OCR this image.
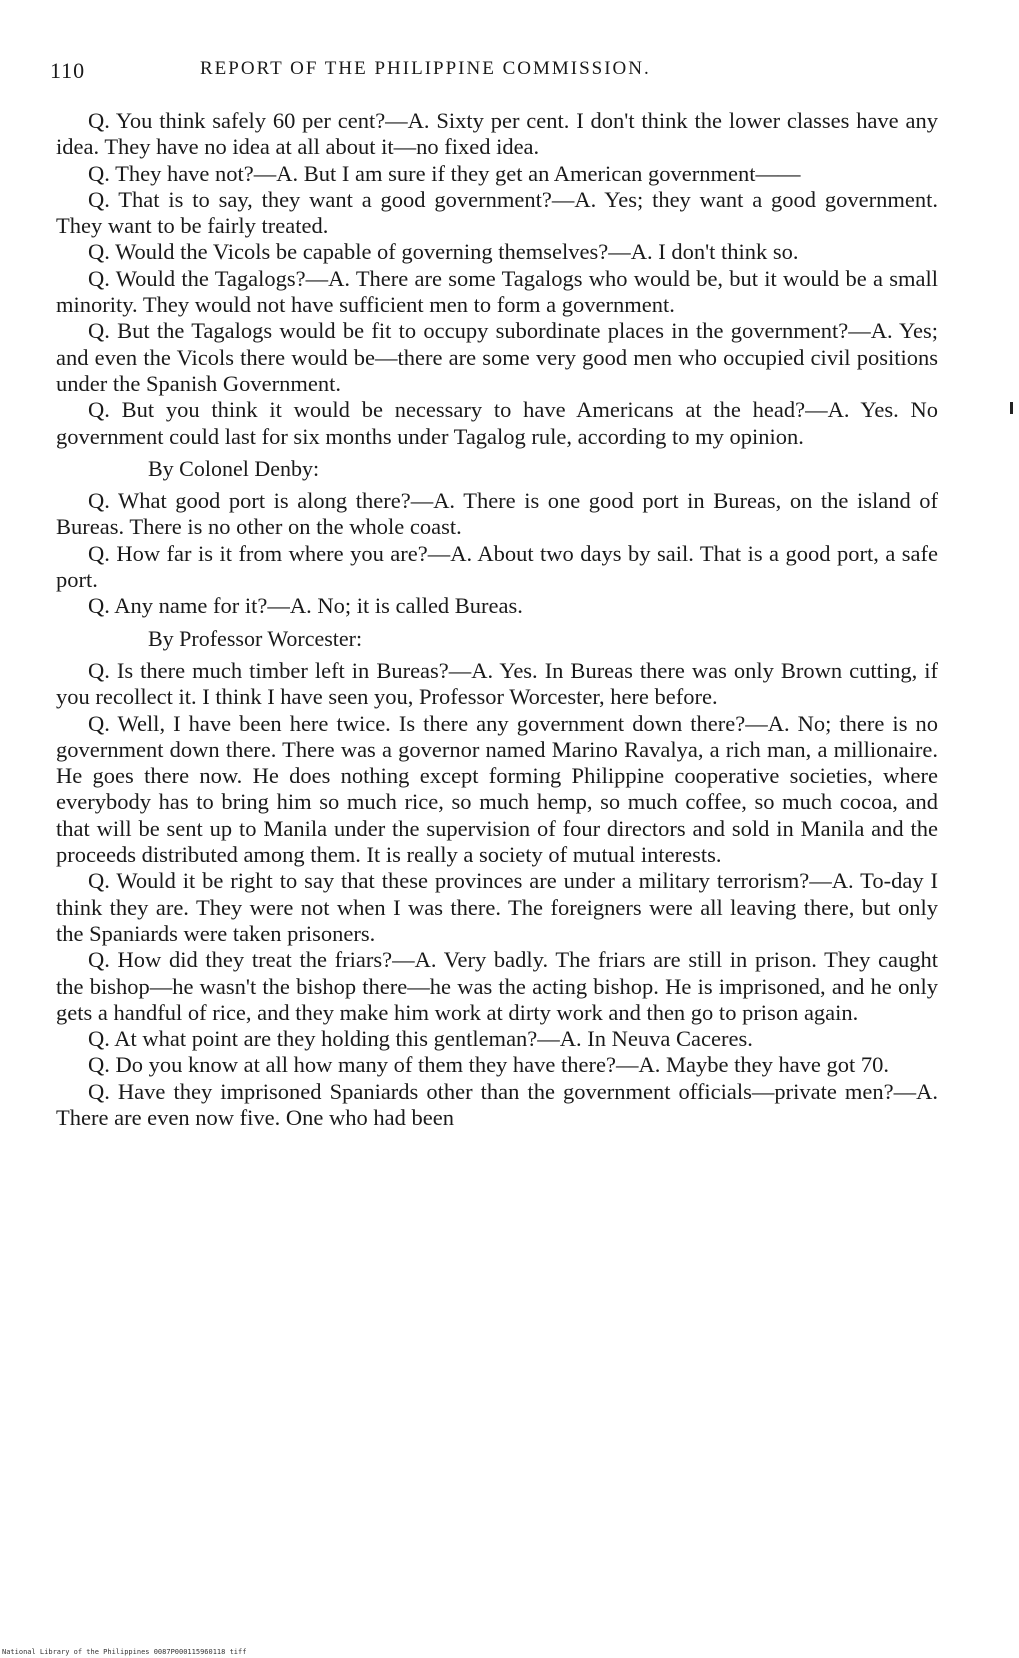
110	REPORT OF THE PHILIPPINE COMMISSION.

Q. You think safely 60 per cent?—A. Sixty per cent. I don't think the lower classes have any idea. They have no idea at all about it—no fixed idea.

Q. They have not?—A. But I am sure if they get an American government——

Q. That is to say, they want a good government?—A. Yes; they want a good government. They want to be fairly treated.

Q. Would the Vicols be capable of governing themselves?—A. I don't think so.

Q. Would the Tagalogs?—A. There are some Tagalogs who would be, but it would be a small minority. They would not have sufficient men to form a government.

Q. But the Tagalogs would be fit to occupy subordinate places in the government?—A. Yes; and even the Vicols there would be—there are some very good men who occupied civil positions under the Spanish Government.

Q. But you think it would be necessary to have Americans at the head?—A. Yes. No government could last for six months under Tagalog rule, according to my opinion.

By Colonel Denby:

Q. What good port is along there?—A. There is one good port in Bureas, on the island of Bureas. There is no other on the whole coast.

Q. How far is it from where you are?—A. About two days by sail. That is a good port, a safe port.

Q. Any name for it?—A. No; it is called Bureas.

By Professor Worcester:

Q. Is there much timber left in Bureas?—A. Yes. In Bureas there was only Brown cutting, if you recollect it. I think I have seen you, Professor Worcester, here before.

Q. Well, I have been here twice. Is there any government down there?—A. No; there is no government down there. There was a governor named Marino Ravalya, a rich man, a millionaire. He goes there now. He does nothing except forming Philippine cooperative societies, where everybody has to bring him so much rice, so much hemp, so much coffee, so much cocoa, and that will be sent up to Manila under the supervision of four directors and sold in Manila and the proceeds distributed among them. It is really a society of mutual interests.

Q. Would it be right to say that these provinces are under a military terrorism?—A. To-day I think they are. They were not when I was there. The foreigners were all leaving there, but only the Spaniards were taken prisoners.

Q. How did they treat the friars?—A. Very badly. The friars are still in prison. They caught the bishop—he wasn't the bishop there—he was the acting bishop. He is imprisoned, and he only gets a handful of rice, and they make him work at dirty work and then go to prison again.

Q. At what point are they holding this gentleman?—A. In Neuva Caceres.

Q. Do you know at all how many of them they have there?—A. Maybe they have got 70.

Q. Have they imprisoned Spaniards other than the government officials—private men?—A. There are even now five. One who had been

National Library of the Philippines 0087P000115960118 tiff
